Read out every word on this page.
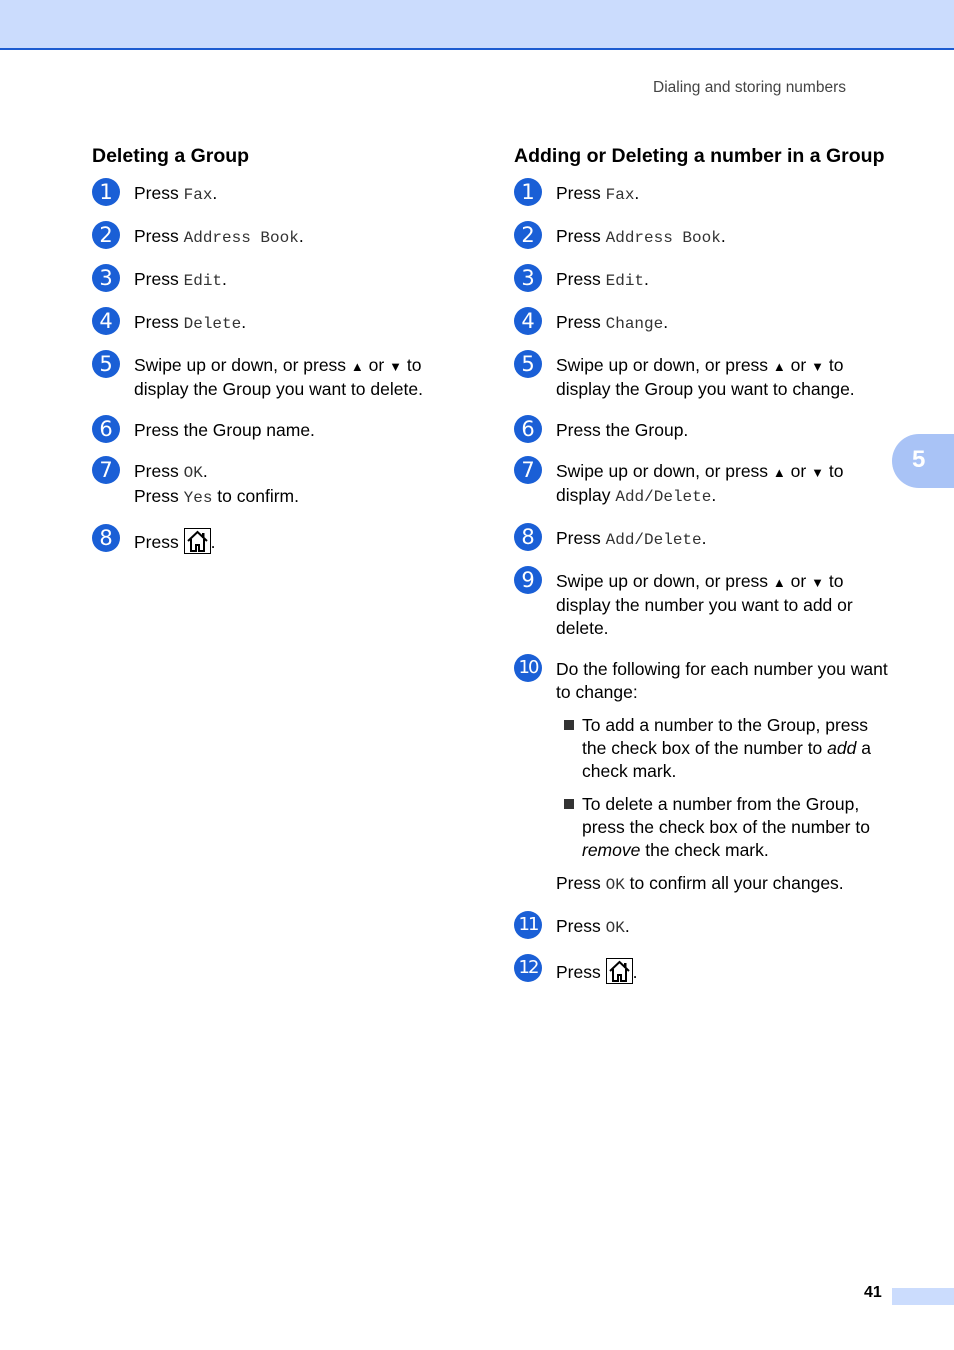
Dialing and storing numbers
5
Deleting a Group
1	Press Fax.
2	Press Address Book.
3	Press Edit.
4	Press Delete.
5	Swipe up or down, or press ▲ or ▼ to display the Group you want to delete.
6	Press the Group name.
7	Press OK.
Press Yes to confirm.
8	Press
.
Adding or Deleting a number in a Group
1	Press Fax.
2	Press Address Book.
3	Press Edit.
4	Press Change.
5	Swipe up or down, or press ▲ or ▼ to display the Group you want to change.
6	Press the Group.
7	Swipe up or down, or press ▲ or ▼ to display Add/Delete.
8	Press Add/Delete.
9	Swipe up or down, or press ▲ or ▼ to display the number you want to add or delete.
10 Do the following for each number you want to change:
To add a number to the Group, press the check box of the number to add a check mark.
To delete a number from the Group, press the check box of the number to remove the check mark.
Press OK to confirm all your changes.
11 Press OK.
12 Press
.
41
